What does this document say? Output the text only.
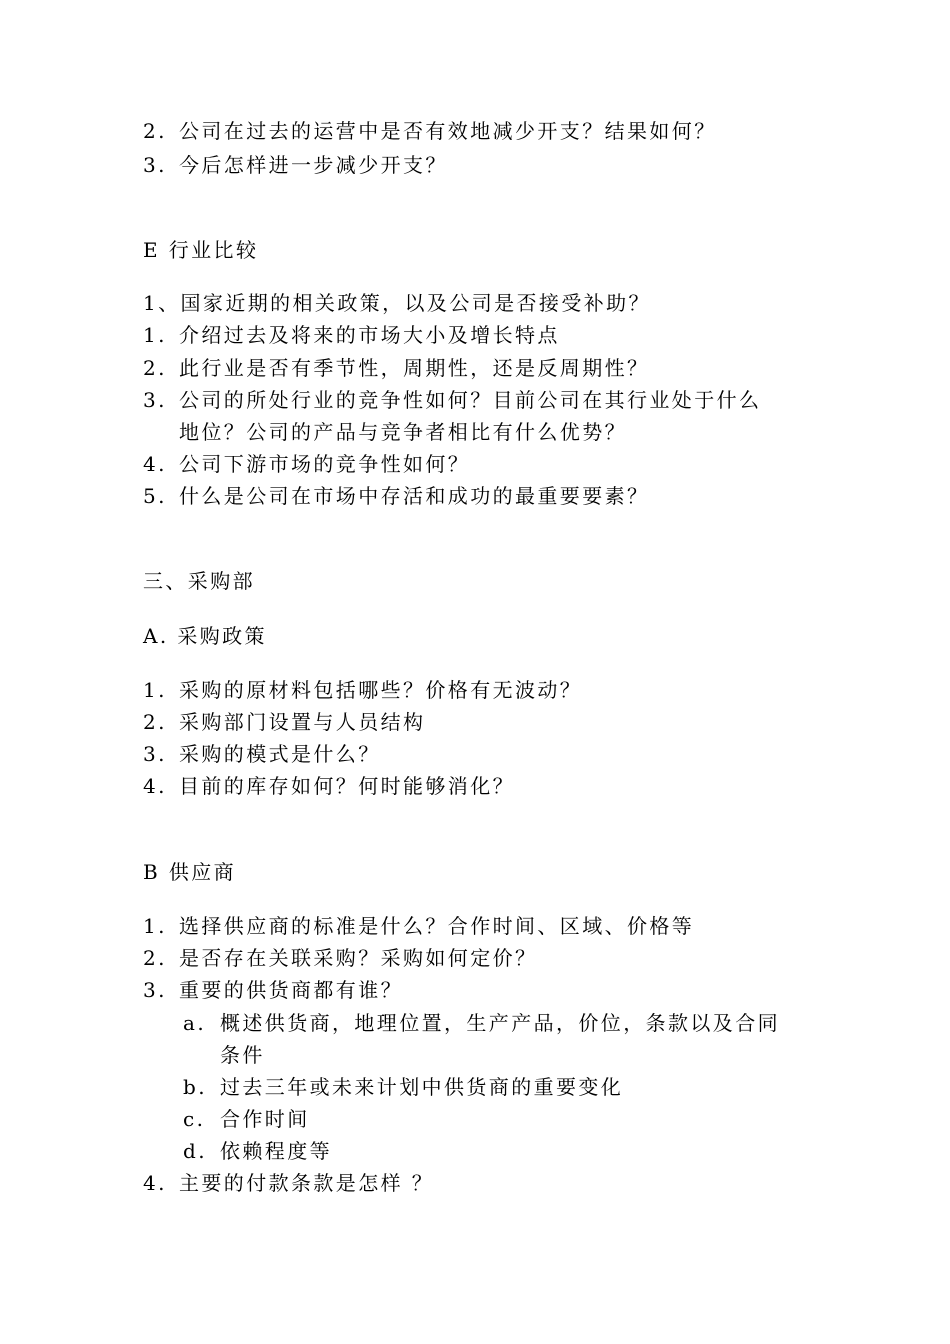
2. 公司在过去的运营中是否有效地减少开支？结果如何？
3. 今后怎样进一步减少开支？
E 行业比较
1、国家近期的相关政策，以及公司是否接受补助？
1. 介绍过去及将来的市场大小及增长特点
2. 此行业是否有季节性，周期性，还是反周期性？
3. 公司的所处行业的竞争性如何？目前公司在其行业处于什么
地位？公司的产品与竞争者相比有什么优势？
4. 公司下游市场的竞争性如何？
5. 什么是公司在市场中存活和成功的最重要要素？
三、采购部
A. 采购政策
1. 采购的原材料包括哪些？价格有无波动？
2. 采购部门设置与人员结构
3. 采购的模式是什么？
4. 目前的库存如何？何时能够消化？
B 供应商
1. 选择供应商的标准是什么？合作时间、区域、价格等
2. 是否存在关联采购？采购如何定价？
3. 重要的供货商都有谁？
a. 概述供货商，地理位置，生产产品，价位，条款以及合同
条件
b. 过去三年或未来计划中供货商的重要变化
c. 合作时间
d. 依赖程度等
4. 主要的付款条款是怎样 ？
